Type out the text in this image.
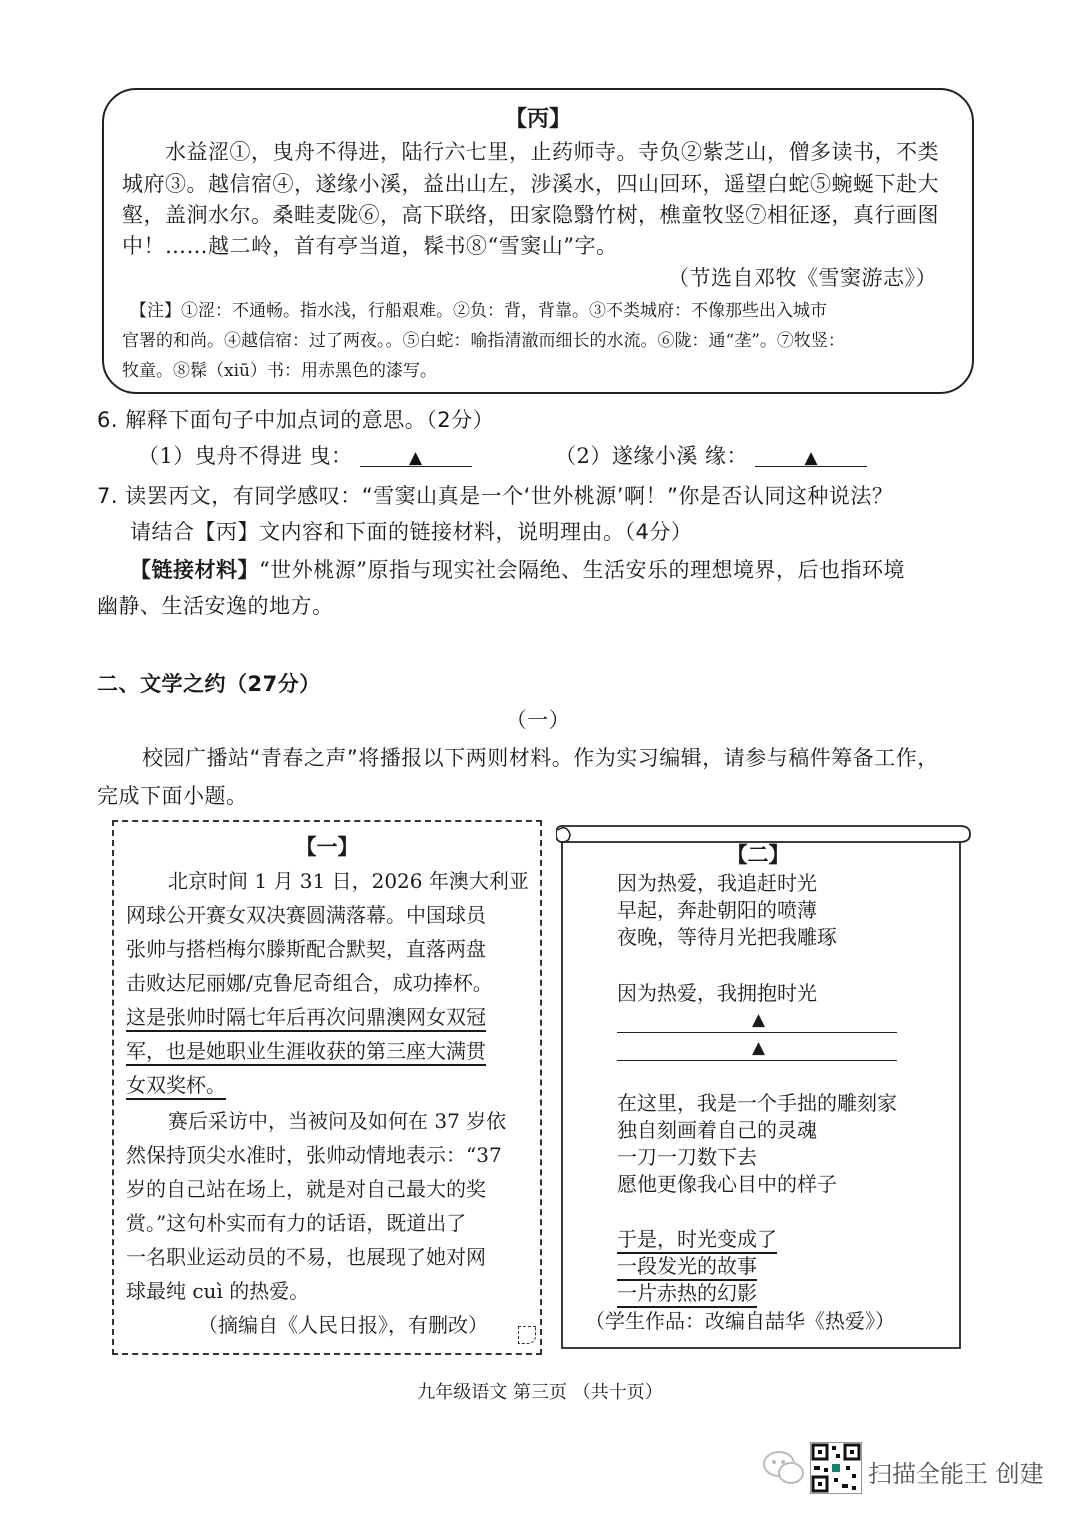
【丙】
水益涩①，曳舟不得进，陆行六七里，止药师寺。寺负②紫芝山，僧多读书，不类
城府③。越信宿④，遂缘小溪，益出山左，涉溪水，四山回环，遥望白蛇⑤蜿蜒下赴大
壑，盖涧水尔。桑畦麦陇⑥，高下联络，田家隐翳竹树，樵童牧竖⑦相征逐，真行画图
中！……越二岭，首有亭当道，髹书⑧“雪窦山”字。
（节选自邓牧《雪窦游志》）
【注】①涩：不通畅。指水浅，行船艰难。②负：背，背靠。③不类城府：不像那些出入城市
官署的和尚。④越信宿：过了两夜。。⑤白蛇：喻指清澈而细长的水流。⑥陇：通“垄”。⑦牧竖：
牧童。⑧髹（xiū）书：用赤黑色的漆写。
6. 解释下面句子中加点词的意思。（2分）
（1）曳舟不得进 曳：	▲	（2）遂缘小溪 缘：	▲
7. 读罢丙文，有同学感叹：“雪窦山真是一个‘世外桃源’啊！”你是否认同这种说法？
请结合【丙】文内容和下面的链接材料，说明理由。（4分）
【链接材料】“世外桃源”原指与现实社会隔绝、生活安乐的理想境界，后也指环境
幽静、生活安逸的地方。
二、文学之约（27分）
（一）
校园广播站“青春之声”将播报以下两则材料。作为实习编辑，请参与稿件筹备工作，
完成下面小题。
【一】
北京时间 1 月 31 日，2026 年澳大利亚
网球公开赛女双决赛圆满落幕。中国球员
张帅与搭档梅尔滕斯配合默契，直落两盘
击败达尼丽娜/克鲁尼奇组合，成功捧杯。
这是张帅时隔七年后再次问鼎澳网女双冠
军，也是她职业生涯收获的第三座大满贯
女双奖杯。
赛后采访中，当被问及如何在 37 岁依
然保持顶尖水准时，张帅动情地表示：“37
岁的自己站在场上，就是对自己最大的奖
赏。”这句朴实而有力的话语，既道出了
一名职业运动员的不易，也展现了她对网
球最纯 cuì 的热爱。
（摘编自《人民日报》，有删改）
【二】
因为热爱，我追赶时光
早起，奔赴朝阳的喷薄
夜晚，等待月光把我雕琢
因为热爱，我拥抱时光
▲
▲
在这里，我是一个手拙的雕刻家
独自刻画着自己的灵魂
一刀一刀数下去
愿他更像我心目中的样子
于是，时光变成了
一段发光的故事
一片赤热的幻影
（学生作品：改编自喆华《热爱》）
九年级语文 第三页 （共十页）
扫描全能王 创建
